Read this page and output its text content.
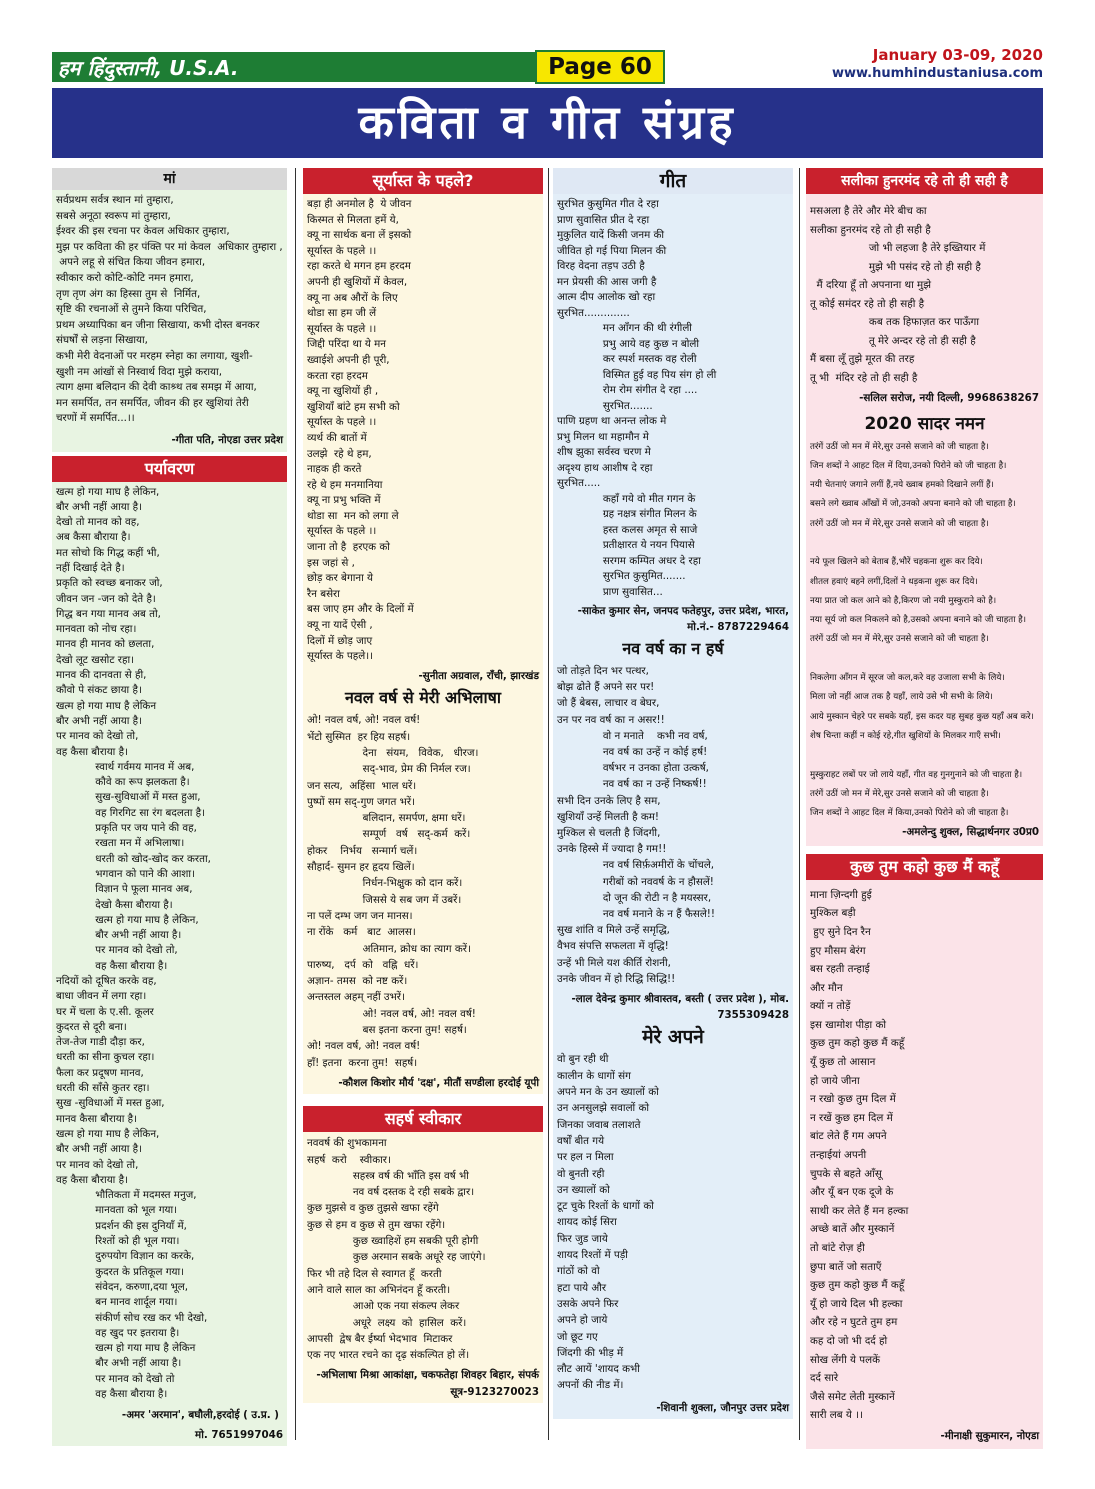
हम हिंदुस्तानी, U.S.A.	Page 60	January 03-09, 2020
www.humhindustaniusa.com
कविता व गीत संग्रह
मां
सर्वप्रथम सर्वत्र स्थान मां तुम्हारा,
सबसे अनूठा स्वरूप मां तुम्हारा,
ईश्वर की इस रचना पर केवल अधिकार तुम्हारा,
मुझ पर कविता की हर पंक्ति पर मां केवल  अधिकार तुम्हारा ,
अपने लहू से संचित किया जीवन हमारा,
स्वीकार करो कोटि-कोटि नमन हमारा,
तृण तृण अंग का हिस्सा तुम से  निर्मित,
सृष्टि की रचनाओं से तुमने किया परिचित,
प्रथम अध्यापिका बन जीना सिखाया, कभी दोस्त बनकर
संघर्षों से लड़ना सिखाया,
कभी मेरी वेदनाओं पर मरहम स्नेहा का लगाया, खुशी-
खुशी नम आंखों से निस्वार्थ विदा मुझे कराया,
त्याग क्षमा बलिदान की देवी काश्र्थ तब समझ में आया,
मन समर्पित, तन समर्पित, जीवन की हर खुशियां तेरी
चरणों में समर्पित...।।
-गीता पति, नोएडा उत्तर प्रदेश
पर्यावरण
खत्म हो गया माघ है लेकिन,
बौर अभी नहीं आया है।
देखो तो मानव को वह,
अब कैसा बौराया है।
मत सोचो कि गिद्ध कहीं भी,
नहीं दिखाई देते है।
प्रकृति को स्वच्छ बनाकर जो,
जीवन जन -जन को देते है।
गिद्ध बन गया मानव अब तो,
मानवता को नोच रहा।
मानव ही मानव को छलता,
देखो लूट खसोट रहा।
मानव की दानवता से ही,
कौवो पे संकट छाया है।
खत्म हो गया माघ है लेकिन
बौर अभी नहीं आया है।
पर मानव को देखो तो,
वह कैसा बौराया है।
स्वार्थ गर्वमय मानव में अब,
कौवे का रूप झलकता है।
सुख-सुविधाओं में मस्त हुआ,
वह गिरगिट सा रंग बदलता है।
प्रकृति पर जय पाने की वह,
रखता मन में अभिलाषा।
धरती को खोद-खोद कर करता,
भगवान को पाने की आशा।
विज्ञान पे फूला मानव अब,
देखो कैसा बौराया है।
खत्म हो गया माघ है लेकिन,
बौर अभी नहीं आया है।
पर मानव को देखो तो,
वह कैसा बौराया है।
नदियों को दूषित करके वह,
बाधा जीवन में लगा रहा।
घर में चला के ए.सी. कूलर
कुदरत से दूरी बना।
तेज-तेज गाडी दौड़ा कर,
धरती का सीना कुचल रहा।
फैला कर प्रदूषण मानव,
धरती की साँसे कुतर रहा।
सुख -सुविधाओं में मस्त हुआ,
मानव कैसा बौराया है।
खत्म हो गया माघ है लेकिन,
बौर अभी नहीं आया है।
पर मानव को देखो तो,
वह कैसा बौराया है।
भौतिकता में मदमस्त मनुज,
मानवता को भूल गया।
प्रदर्शन की इस दुनियाँ में,
रिश्तों को ही भूल गया।
दुरुपयोग विज्ञान का करके,
कुदरत के प्रतिकूल गया।
संवेदन, करुणा,दया भूल,
बन मानव शार्दूल गया।
संकीर्ण सोच रख कर भी देखो,
वह खुद पर इतराया है।
खत्म हो गया माघ है लेकिन
बौर अभी नहीं आया है।
पर मानव को देखो तो
वह कैसा बौराया है।
-अमर 'अरमान', बघौली,हरदोई ( उ.प्र. )
मो. 7651997046
सूर्यास्त के पहले?
बड़ा ही अनमोल है  ये जीवन
किस्मत से मिलता हमें ये,
क्यू ना सार्थक बना लें इसको
सूर्यास्त के पहले ।।
रहा करते थे मगन हम हरदम
अपनी ही खुशियों में केवल,
क्यू ना अब औरों के लिए
थोडा सा हम जी लें
सूर्यास्त के पहले ।।
जिद्दी परिंदा था ये मन
ख्वाईशे अपनी ही पूरी,
करता रहा हरदम
क्यू ना खुशियों ही ,
खुशियाँ बांटे हम सभी को
सूर्यास्त के पहले ।।
व्यर्थ की बातों में
उलझे  रहे थे हम,
नाहक ही करते
रहे थे हम मनमानिया
क्यू ना प्रभु भक्ति में
थोडा सा  मन को लगा ले
सूर्यास्त के पहले ।।
जाना तो है  हरएक को
इस जहां से ,
छोड़ कर बेगाना ये
रैन बसेरा
बस जाए हम और के दिलों में
क्यू ना यादें ऐसी ,
दिलों में छोड़ जाए
सूर्यास्त के पहले।।
-सुनीता अग्रवाल, राँची, झारखंड
नवल वर्ष से मेरी अभिलाषा
ओ! नवल वर्ष, ओ! नवल वर्ष!
भेंटो सुस्मित  हर हिय सहर्ष।
देना   संयम,   विवेक,   धीरज।
सद्-भाव, प्रेम की निर्मल रज।
जन सत्य,  अहिंसा  भाल धरें।
पुष्पों सम सद्-गुण जगत भरें।
बलिदान, समर्पण, क्षमा धरें।
सम्पूर्ण   वर्ष   सद्-कर्म  करें।
होकर    निर्भय   सन्मार्ग चलें।
सौहार्द- सुमन हर हृदय खिलें।
निर्धन-भिक्षुक को दान करें।
जिससे ये सब जग में उबरें।
ना पलें दम्भ जग जन मानस।
ना रोंके   कर्म   बाट  आलस।
अतिमान, क्रोध का त्याग करें।
पारुष्य,   दर्प  को   वह्नि  धरें।
अज्ञान- तमस  को नष्ट करें।
अन्तस्तल अहम् नहीं उभरें।
ओ! नवल वर्ष, ओ! नवल वर्ष!
बस इतना करना तुम! सहर्ष।
ओ! नवल वर्ष, ओ! नवल वर्ष!
हाँ! इतना  करना तुम!  सहर्ष।
-कौशल किशोर मौर्य 'दक्ष', मीतौं सण्डीला हरदोई यूपी
सहर्ष स्वीकार
नववर्ष की शुभकामना
सहर्ष  करो    स्वीकार।
सहस्त्र वर्ष की भाँति इस वर्ष भी
नव वर्ष दस्तक दे रही सबके द्वार।
कुछ मुझसे व कुछ तुझसे खफा रहेंगे
कुछ से हम व कुछ से तुम खफा रहेंगे।
कुछ ख्वाहिशें हम सबकी पूरी होगी
कुछ अरमान सबके अधूरे रह जाएंगे।
फिर भी तहे दिल से स्वागत हूँ  करती
आने वाले साल का अभिनंदन हूँ करती।
आओ एक नया संकल्प लेकर
अधूरे  लक्ष्य  को  हासिल  करें।
आपसी  द्वेष बैर ईर्ष्या भेदभाव  मिटाकर
एक नए भारत रचने का दृढ़ संकल्पित हो लें।
-अभिलाषा मिश्रा आकांक्षा, चकफतेहा शिवहर बिहार, संपर्क सूत्र-9123270023
गीत
सुरभित कुसुमित गीत दे रहा
प्राण सुवासित प्रीत दे रहा
मुकुलित यादें किसी जनम की
जीवित हो गई पिया मिलन की
विरह वेदना तड़प उठी है
मन प्रेयसी की आस जगी है
आत्म दीप आलोक खो रहा
सुरभित..............
मन आँगन की थी रंगीली
प्रभु आये वह कुछ न बोली
कर स्पर्श मस्तक वह रोली
विस्मित हुई वह पिय संग हो ली
रोम रोम संगीत दे रहा ....
सुरभित.......
पाणि ग्रहण था अनन्त लोक मे
प्रभु मिलन था महामौन मे
शीष झुका सर्वस्व चरण मे
अदृश्य हाथ आशीष दे रहा
सुरभित.....
कहाँ गये वो मीत गगन के
ग्रह नक्षत्र संगीत मिलन के
हस्त कलस अमृत से साजे
प्रतीक्षारत ये नयन पियासे
सरगम कम्पित अधर दे रहा
सुरभित कुसुमित.......
प्राण सुवासित...
-साकेत कुमार सेन, जनपद फतेहपुर, उत्तर प्रदेश, भारत, मो.नं.- 8787229464
नव वर्ष का न हर्ष
जो तोड़ते दिन भर पत्थर,
बोझ ढोते हैं अपने सर पर!
जो हैं बेबस, लाचार व बेघर,
उन पर नव वर्ष का न असर!!
वो न मनाते    कभी नव वर्ष,
नव वर्ष का उन्हें न कोई हर्ष!
वर्षभर न उनका होता उत्कर्ष,
नव वर्ष का न उन्हें निष्कर्ष!!
सभी दिन उनके लिए है सम,
खुशियाँ उन्हें मिलती है कम!
मुश्किल से चलती है जिंदगी,
उनके हिस्से में ज्यादा है गम!!
नव वर्ष सिर्फ़अमीरों के चोंचले,
गरीबों को नववर्ष के न हौसलें!
दो जून की रोटी न है मयस्सर,
नव वर्ष मनाने के न हैं फैसले!!
सुख शांति व मिले उन्हें समृद्धि,
वैभव संपत्ति सफलता में वृद्धि!
उन्हें भी मिले यश कीर्ति रोशनी,
उनके जीवन में हो रिद्धि सिद्धि!!
-लाल देवेन्द्र कुमार श्रीवास्तव, बस्ती ( उत्तर प्रदेश ), मोब. 7355309428
मेरे अपने
वो बुन रही थी
कालीन के धागों संग
अपने मन के उन ख्यालों को
उन अनसुलझे सवालों को
जिनका जवाब तलाशते
वर्षों बीत गये
पर हल न मिला
वो बुनती रही
उन ख्यालों को
टूट चुके रिश्तों के धागों को
शायद कोई सिरा
फिर जुड जाये
शायद रिश्तों में पड़ी
गांठों को वो
हटा पाये और
उसके अपने फिर
अपने हो जाये
जो छूट गए
जिंदगी की भीड़ में
लौट आयें 'शायद कभी
अपनों की नीड में।
-शिवानी शुक्ला, जौनपुर उत्तर प्रदेश
सलीका हुनरमंद रहे तो ही सही है
मसअला है तेरे और मेरे बीच का
सलीका हुनरमंद रहे तो ही सही है
जो भी लहजा है तेरे इख्तियार में
मुझे भी पसंद रहे तो ही सही है
मैं दरिया हूँ तो अपनाना था मुझे
तू कोई समंदर रहे तो ही सही है
कब तक हिफाज़त कर पाऊँगा
तू मेरे अन्दर रहे तो ही सही है
मैं बसा लूँ तुझे मूरत की तरह
तू भी  मंदिर रहे तो ही सही है
-सलिल सरोज, नयी दिल्ली, 9968638267
2020 सादर नमन
तरंगें उठीं जो मन में मेरे,सुर उनसे सजाने को जी चाहता है।
जिन शब्दों ने आहट दिल में दिया,उनको पिरोने को जी चाहता है।
नयी चेतनाएं जगाने लगीं हैं,नये ख्वाब हमको दिखाने लगीं हैं।
बसने लगे ख्वाब आँखों में जो,उनको अपना बनाने को जी चाहता है।
तरंगें उठीं जो मन में मेरे,सुर उनसे सजाने को जी चाहता है।

नये फूल खिलने को बेताब हैं,भौरें चहकना शुरू कर दिये।
शीतल हवाएं बहने लगीं,दिलों ने धड़कना शुरू कर दिये।
नया प्रात जो कल आने को है,किरण जो नयी मुस्कुराने को है।
नया सूर्य जो कल निकलने को है,उसको अपना बनाने को जी चाहता है।
तरंगें उठीं जो मन में मेरे,सुर उनसे सजाने को जी चाहता है।

निकलेगा आँगन में सूरज जो कल,करे वह उजाला सभी के लिये।
मिला जो नहीं आज तक है यहाँ, लाये उसे भी सभी के लिये।
आये मुस्कान चेहरे पर सबके यहाँ, इस कदर यह सुबह कुछ यहाँ अब करे।
शेष चिन्ता कहीं न कोई रहे,गीत खुशियों के मिलकर गाएँ सभी।

मुस्कुराहट लबों पर जो लाये यहाँ, गीत वह गुनगुनाने को जी चाहता है।
तरंगें उठीं जो मन में मेरे,सुर उनसे सजाने को जी चाहता है।
जिन शब्दों ने आहट दिल में किया,उनको पिरोने को जी चाहता है।
-अमलेन्दु शुक्ल, सिद्धार्थनगर उ0प्र0
कुछ तुम कहो कुछ मैं कहूँ
माना ज़िन्दगी हुई
मुश्किल बड़ी
हुए सुने दिन रैन
हुए मौसम बेरंग
बस रहती तन्हाई
और मौन
क्यों न तोड़ें
इस खामोश पीड़ा को
कुछ तुम कहो कुछ मैं कहूँ
यूँ कुछ तो आसान
हो जाये जीना
न रखो कुछ तुम दिल में
न रखें कुछ हम दिल में
बांट लेते हैं गम अपने
तन्हाईयां अपनी
चुपके से बहते आँसू
और यूँ बन एक दूजे के
साथी कर लेते हैं मन हल्का
अच्छे बातें और मुस्कानें
तो बांटे रोज़ ही
छुपा बातें जो सताएँ
कुछ तुम कहो कुछ मैं कहूँ
यूँ हो जाये दिल भी हल्का
और रहे न घुटते तुम हम
कह दो जो भी दर्द हो
सोख लेंगी ये पलकें
दर्द सारे
जैसे समेट लेती मुस्कानें
सारी लब ये ।।
-मीनाक्षी सुकुमारन, नोएडा
